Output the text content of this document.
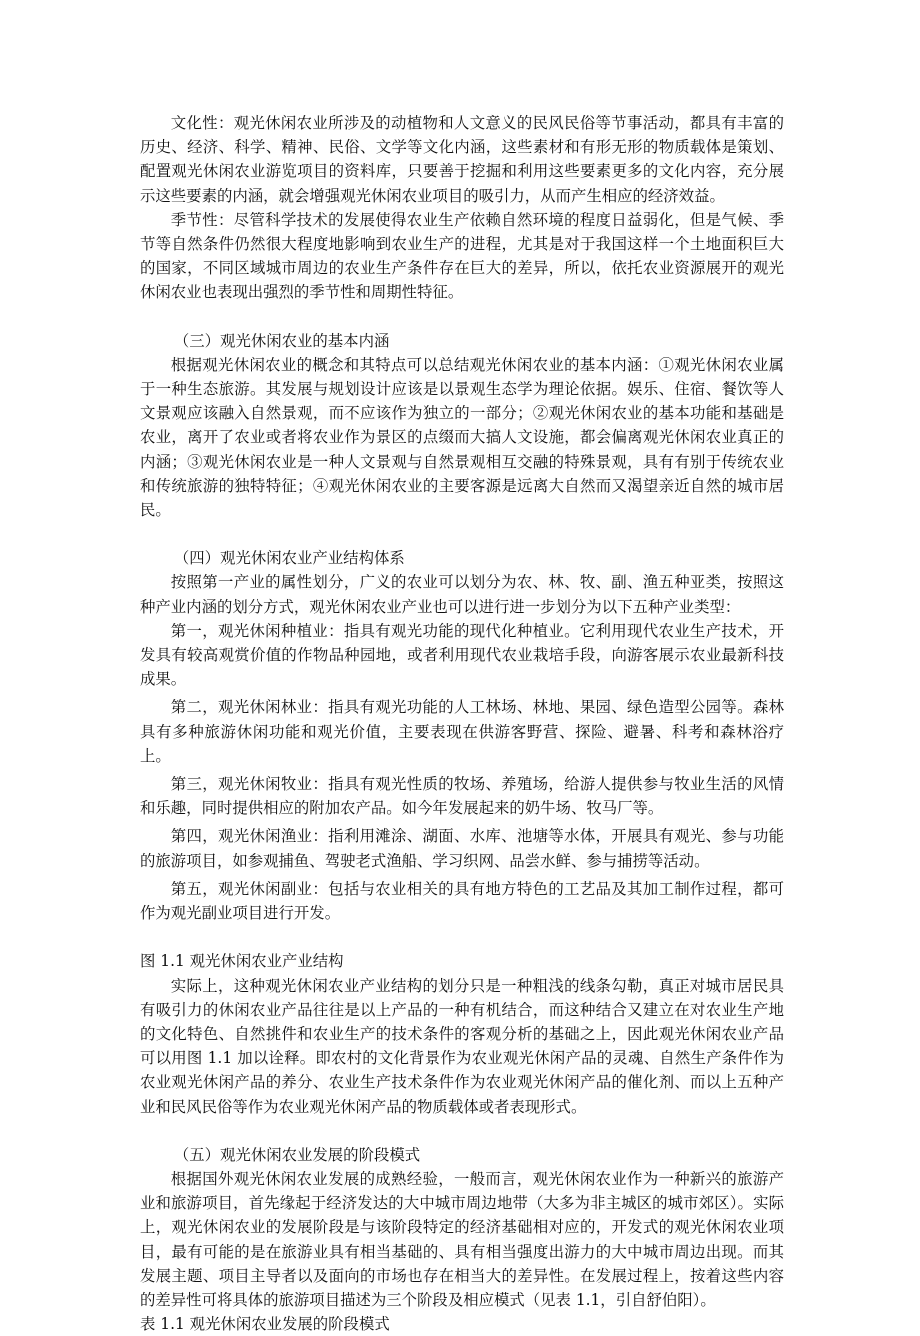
文化性：观光休闲农业所涉及的动植物和人文意义的民风民俗等节事活动，都具有丰富的历史、经济、科学、精神、民俗、文学等文化内涵，这些素材和有形无形的物质载体是策划、配置观光休闲农业游览项目的资料库，只要善于挖掘和利用这些要素更多的文化内容，充分展示这些要素的内涵，就会增强观光休闲农业项目的吸引力，从而产生相应的经济效益。

季节性：尽管科学技术的发展使得农业生产依赖自然环境的程度日益弱化，但是气候、季节等自然条件仍然很大程度地影响到农业生产的进程，尤其是对于我国这样一个土地面积巨大的国家，不同区域城市周边的农业生产条件存在巨大的差异，所以，依托农业资源展开的观光休闲农业也表现出强烈的季节性和周期性特征。

（三）观光休闲农业的基本内涵

根据观光休闲农业的概念和其特点可以总结观光休闲农业的基本内涵：①观光休闲农业属于一种生态旅游。其发展与规划设计应该是以景观生态学为理论依据。娱乐、住宿、餐饮等人文景观应该融入自然景观，而不应该作为独立的一部分；②观光休闲农业的基本功能和基础是农业，离开了农业或者将农业作为景区的点缀而大搞人文设施，都会偏离观光休闲农业真正的内涵；③观光休闲农业是一种人文景观与自然景观相互交融的特殊景观，具有有别于传统农业和传统旅游的独特特征；④观光休闲农业的主要客源是远离大自然而又渴望亲近自然的城市居民。

（四）观光休闲农业产业结构体系

按照第一产业的属性划分，广义的农业可以划分为农、林、牧、副、渔五种亚类，按照这种产业内涵的划分方式，观光休闲农业产业也可以进行进一步划分为以下五种产业类型：

第一，观光休闲种植业：指具有观光功能的现代化种植业。它利用现代农业生产技术，开发具有较高观赏价值的作物品种园地，或者利用现代农业栽培手段，向游客展示农业最新科技成果。

第二，观光休闲林业：指具有观光功能的人工林场、林地、果园、绿色造型公园等。森林具有多种旅游休闲功能和观光价值，主要表现在供游客野营、探险、避暑、科考和森林浴疗上。

第三，观光休闲牧业：指具有观光性质的牧场、养殖场，给游人提供参与牧业生活的风情和乐趣，同时提供相应的附加农产品。如今年发展起来的奶牛场、牧马厂等。

第四，观光休闲渔业：指利用滩涂、湖面、水库、池塘等水体，开展具有观光、参与功能的旅游项目，如参观捕鱼、驾驶老式渔船、学习织网、品尝水鲜、参与捕捞等活动。

第五，观光休闲副业：包括与农业相关的具有地方特色的工艺品及其加工制作过程，都可作为观光副业项目进行开发。

图 1.1 观光休闲农业产业结构

实际上，这种观光休闲农业产业结构的划分只是一种粗浅的线条勾勒，真正对城市居民具有吸引力的休闲农业产品往往是以上产品的一种有机结合，而这种结合又建立在对农业生产地的文化特色、自然挑件和农业生产的技术条件的客观分析的基础之上，因此观光休闲农业产品可以用图 1.1 加以诠释。即农村的文化背景作为农业观光休闲产品的灵魂、自然生产条件作为农业观光休闲产品的养分、农业生产技术条件作为农业观光休闲产品的催化剂、而以上五种产业和民风民俗等作为农业观光休闲产品的物质载体或者表现形式。

（五）观光休闲农业发展的阶段模式

根据国外观光休闲农业发展的成熟经验，一般而言，观光休闲农业作为一种新兴的旅游产业和旅游项目，首先缘起于经济发达的大中城市周边地带（大多为非主城区的城市郊区）。实际上，观光休闲农业的发展阶段是与该阶段特定的经济基础相对应的，开发式的观光休闲农业项目，最有可能的是在旅游业具有相当基础的、具有相当强度出游力的大中城市周边出现。而其发展主题、项目主导者以及面向的市场也存在相当大的差异性。在发展过程上，按着这些内容的差异性可将具体的旅游项目描述为三个阶段及相应模式（见表 1.1，引自舒伯阳）。

表 1.1 观光休闲农业发展的阶段模式
